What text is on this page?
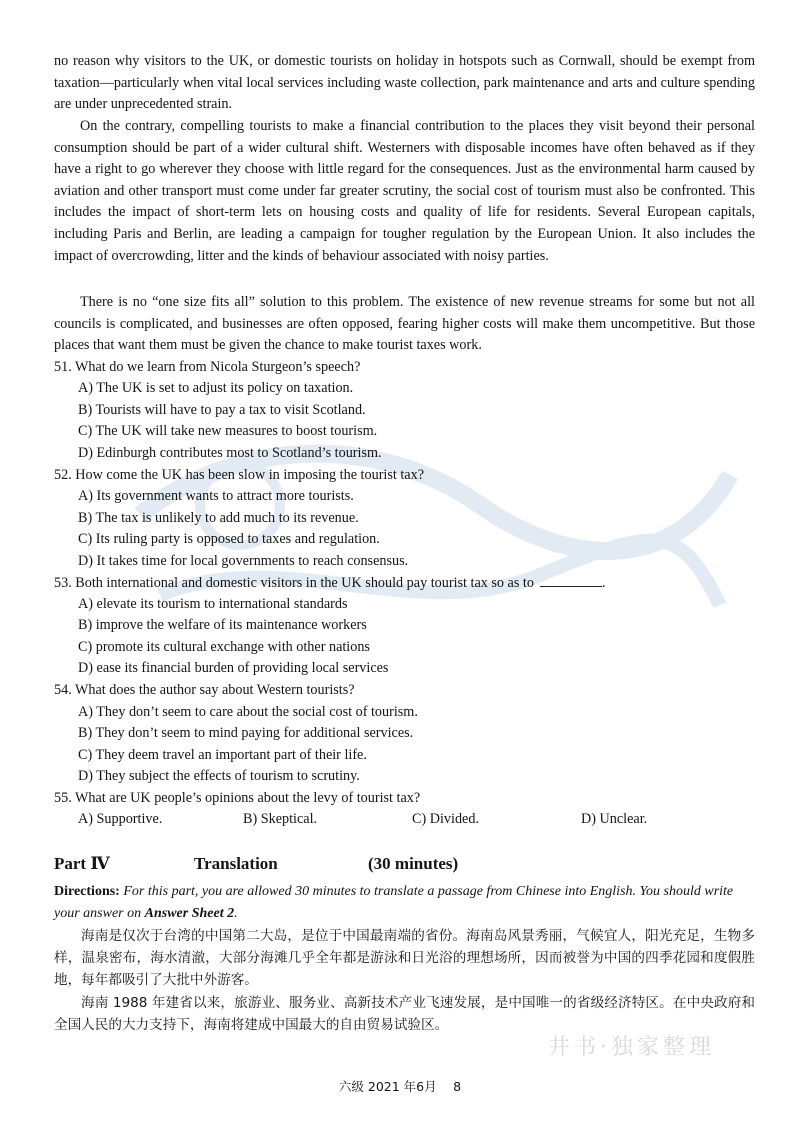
no reason why visitors to the UK, or domestic tourists on holiday in hotspots such as Cornwall, should be exempt from taxation—particularly when vital local services including waste collection, park maintenance and arts and culture spending are under unprecedented strain.

On the contrary, compelling tourists to make a financial contribution to the places they visit beyond their personal consumption should be part of a wider cultural shift. Westerners with disposable incomes have often behaved as if they have a right to go wherever they choose with little regard for the consequences. Just as the environmental harm caused by aviation and other transport must come under far greater scrutiny, the social cost of tourism must also be confronted. This includes the impact of short-term lets on housing costs and quality of life for residents. Several European capitals, including Paris and Berlin, are leading a campaign for tougher regulation by the European Union. It also includes the impact of overcrowding, litter and the kinds of behaviour associated with noisy parties.

There is no “one size fits all” solution to this problem. The existence of new revenue streams for some but not all councils is complicated, and businesses are often opposed, fearing higher costs will make them uncompetitive. But those places that want them must be given the chance to make tourist taxes work.

51. What do we learn from Nicola Sturgeon’s speech?
A) The UK is set to adjust its policy on taxation.
B) Tourists will have to pay a tax to visit Scotland.
C) The UK will take new measures to boost tourism.
D) Edinburgh contributes most to Scotland’s tourism.
52. How come the UK has been slow in imposing the tourist tax?
A) Its government wants to attract more tourists.
B) The tax is unlikely to add much to its revenue.
C) Its ruling party is opposed to taxes and regulation.
D) It takes time for local governments to reach consensus.
53. Both international and domestic visitors in the UK should pay tourist tax so as to	.
A) elevate its tourism to international standards
B) improve the welfare of its maintenance workers
C) promote its cultural exchange with other nations
D) ease its financial burden of providing local services
54. What does the author say about Western tourists?
A) They don’t seem to care about the social cost of tourism.
B) They don’t seem to mind paying for additional services.
C) They deem travel an important part of their life.
D) They subject the effects of tourism to scrutiny.
55. What are UK people’s opinions about the levy of tourist tax?
A) Supportive.	B) Skeptical.	C) Divided.	D) Unclear.
Part Ⅳ	Translation	(30 minutes)
Directions: For this part, you are allowed 30 minutes to translate a passage from Chinese into English. You should write your answer on Answer Sheet 2.

海南是仅次于台湾的中国第二大岛，是位于中国最南端的省份。海南岛风景秀丽，气候宜人，阳光充足，生物多样，温泉密布，海水清澈，大部分海滩几乎全年都是游泳和日光浴的理想场所，因而被誉为中国的四季花园和度假胜地，每年都吸引了大批中外游客。

海南 1988 年建省以来，旅游业、服务业、高新技术产业飞速发展，是中国唯一的省级经济特区。在中央政府和全国人民的大力支持下，海南将建成中国最大的自由贸易试验区。

井书·独家整理
六级 2021 年6月　 8
